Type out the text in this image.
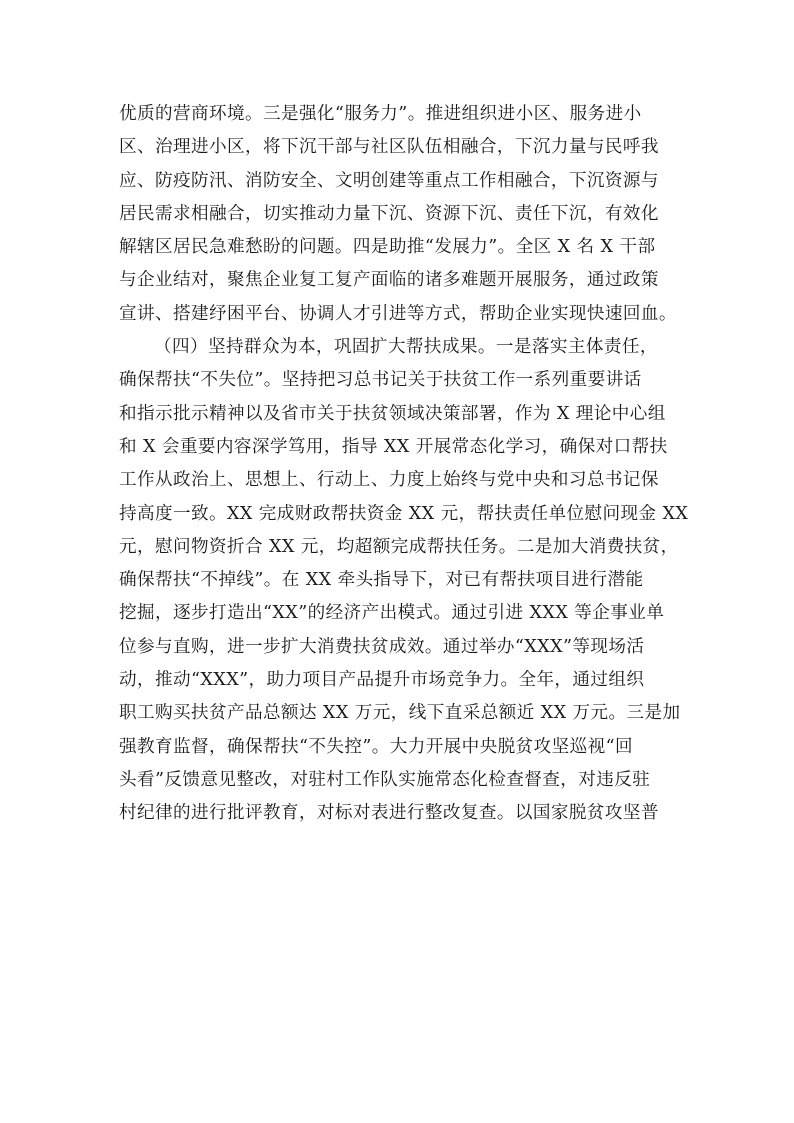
优质的营商环境。三是强化“服务力”。推进组织进小区、服务进小
区、治理进小区，将下沉干部与社区队伍相融合，下沉力量与民呼我
应、防疫防汛、消防安全、文明创建等重点工作相融合，下沉资源与
居民需求相融合，切实推动力量下沉、资源下沉、责任下沉，有效化
解辖区居民急难愁盼的问题。四是助推“发展力”。全区 X 名 X 干部
与企业结对，聚焦企业复工复产面临的诸多难题开展服务，通过政策
宣讲、搭建纾困平台、协调人才引进等方式，帮助企业实现快速回血。
（四）坚持群众为本，巩固扩大帮扶成果。一是落实主体责任，
确保帮扶“不失位”。坚持把习总书记关于扶贫工作一系列重要讲话
和指示批示精神以及省市关于扶贫领域决策部署，作为 X 理论中心组
和 X 会重要内容深学笃用，指导 XX 开展常态化学习，确保对口帮扶
工作从政治上、思想上、行动上、力度上始终与党中央和习总书记保
持高度一致。XX 完成财政帮扶资金 XX 元，帮扶责任单位慰问现金 XX
元，慰问物资折合 XX 元，均超额完成帮扶任务。二是加大消费扶贫，
确保帮扶“不掉线”。在 XX 牵头指导下，对已有帮扶项目进行潜能
挖掘，逐步打造出“XX”的经济产出模式。通过引进 XXX 等企事业单
位参与直购，进一步扩大消费扶贫成效。通过举办“XXX”等现场活
动，推动“XXX”，助力项目产品提升市场竞争力。全年，通过组织
职工购买扶贫产品总额达 XX 万元，线下直采总额近 XX 万元。三是加
强教育监督，确保帮扶“不失控”。大力开展中央脱贫攻坚巡视“回
头看”反馈意见整改，对驻村工作队实施常态化检查督查，对违反驻
村纪律的进行批评教育，对标对表进行整改复查。以国家脱贫攻坚普
